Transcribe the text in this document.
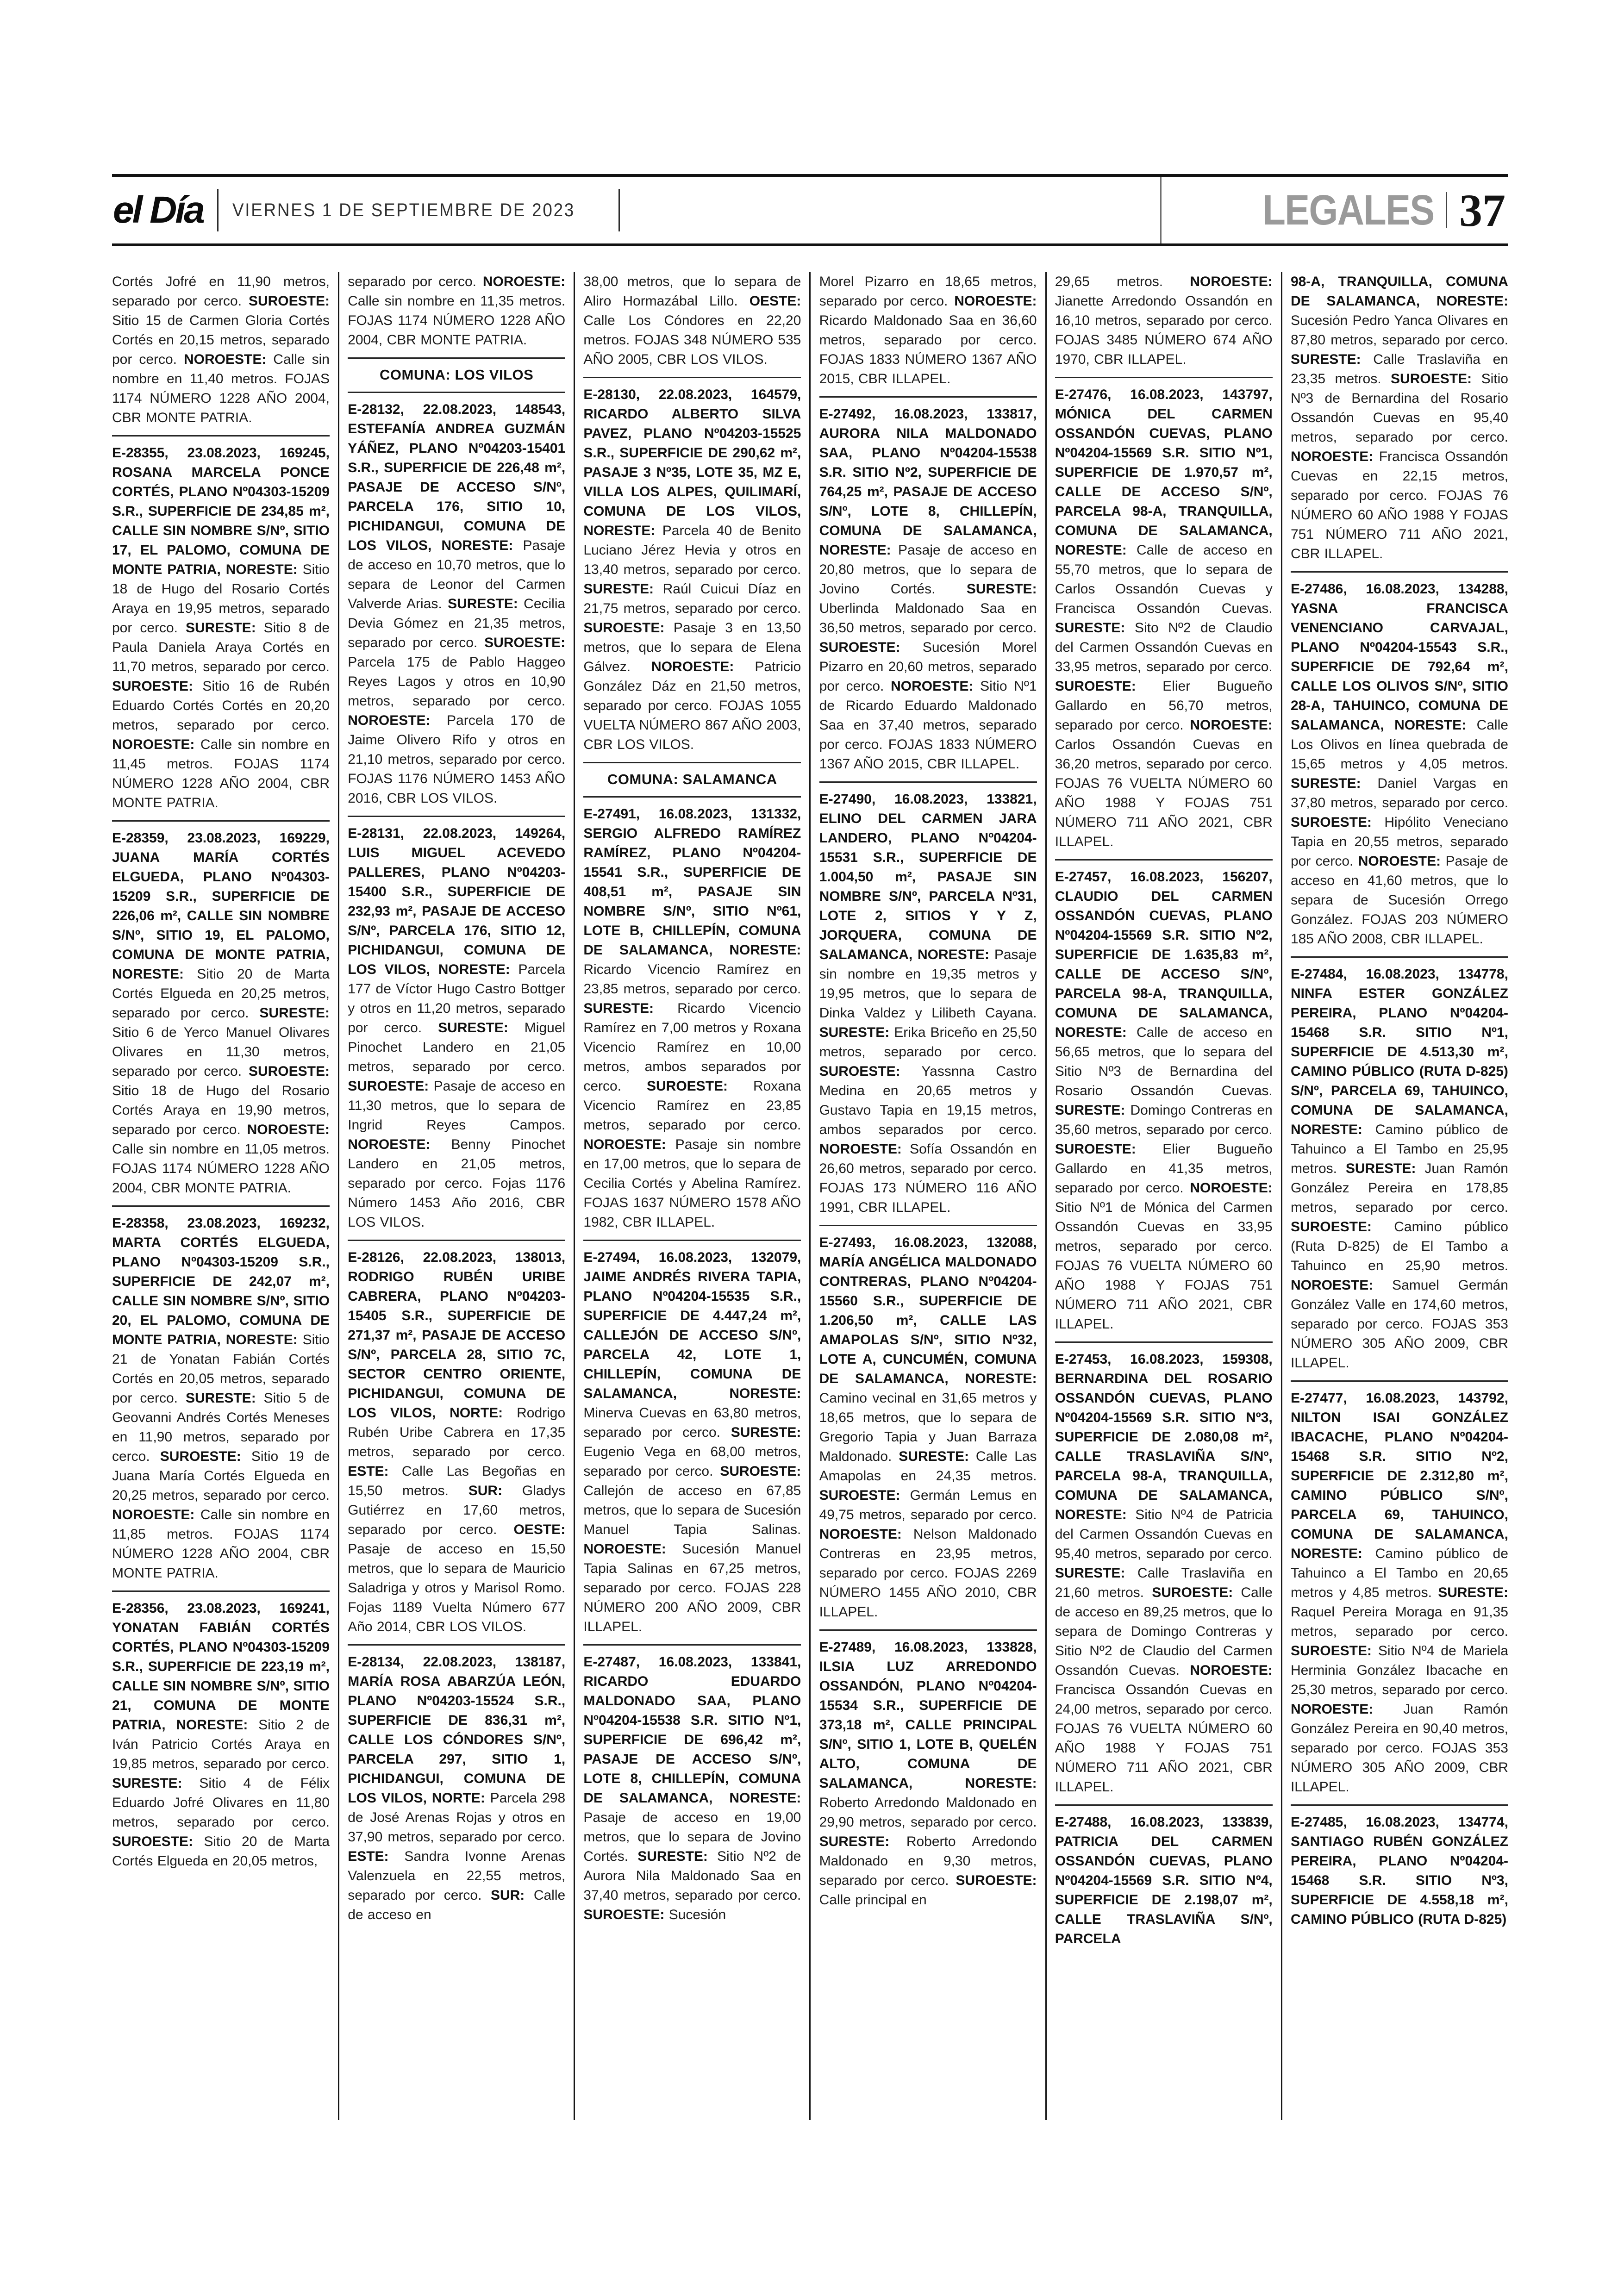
el Día VIERNES 1 DE SEPTIEMBRE DE 2023	LEGALES 37

Cortés Jofré en 11,90 metros, separado por cerco. SUROESTE: Sitio 15 de Carmen Gloria Cortés Cortés en 20,15 metros, separado por cerco. NOROESTE: Calle sin nombre en 11,40 metros. FOJAS 1174 NÚMERO 1228 AÑO 2004, CBR MONTE PATRIA.

E-28355, 23.08.2023, 169245, ROSANA MARCELA PONCE CORTÉS, PLANO Nº04303-15209 S.R., SUPERFICIE DE 234,85 m², CALLE SIN NOMBRE S/Nº, SITIO 17, EL PALOMO, COMUNA DE MONTE PATRIA, NORESTE: Sitio 18 de Hugo del Rosario Cortés Araya en 19,95 metros, separado por cerco. SURESTE: Sitio 8 de Paula Daniela Araya Cortés en 11,70 metros, separado por cerco. SUROESTE: Sitio 16 de Rubén Eduardo Cortés Cortés en 20,20 metros, separado por cerco. NOROESTE: Calle sin nombre en 11,45 metros. FOJAS 1174 NÚMERO 1228 AÑO 2004, CBR MONTE PATRIA.

E-28359, 23.08.2023, 169229, JUANA MARÍA CORTÉS ELGUEDA, PLANO Nº04303-15209 S.R., SUPERFICIE DE 226,06 m², CALLE SIN NOMBRE S/Nº, SITIO 19, EL PALOMO, COMUNA DE MONTE PATRIA, NORESTE: Sitio 20 de Marta Cortés Elgueda en 20,25 metros, separado por cerco. SURESTE: Sitio 6 de Yerco Manuel Olivares Olivares en 11,30 metros, separado por cerco. SUROESTE: Sitio 18 de Hugo del Rosario Cortés Araya en 19,90 metros, separado por cerco. NOROESTE: Calle sin nombre en 11,05 metros. FOJAS 1174 NÚMERO 1228 AÑO 2004, CBR MONTE PATRIA.

E-28358, 23.08.2023, 169232, MARTA CORTÉS ELGUEDA, PLANO Nº04303-15209 S.R., SUPERFICIE DE 242,07 m², CALLE SIN NOMBRE S/Nº, SITIO 20, EL PALOMO, COMUNA DE MONTE PATRIA, NORESTE: Sitio 21 de Yonatan Fabián Cortés Cortés en 20,05 metros, separado por cerco. SURESTE: Sitio 5 de Geovanni Andrés Cortés Meneses en 11,90 metros, separado por cerco. SUROESTE: Sitio 19 de Juana María Cortés Elgueda en 20,25 metros, separado por cerco. NOROESTE: Calle sin nombre en 11,85 metros. FOJAS 1174 NÚMERO 1228 AÑO 2004, CBR MONTE PATRIA.

E-28356, 23.08.2023, 169241, YONATAN FABIÁN CORTÉS CORTÉS, PLANO Nº04303-15209 S.R., SUPERFICIE DE 223,19 m², CALLE SIN NOMBRE S/Nº, SITIO 21, COMUNA DE MONTE PATRIA, NORESTE: Sitio 2 de Iván Patricio Cortés Araya en 19,85 metros, separado por cerco. SURESTE: Sitio 4 de Félix Eduardo Jofré Olivares en 11,80 metros, separado por cerco. SUROESTE: Sitio 20 de Marta Cortés Elgueda en 20,05 metros,

separado por cerco. NOROESTE: Calle sin nombre en 11,35 metros. FOJAS 1174 NÚMERO 1228 AÑO 2004, CBR MONTE PATRIA.

COMUNA: LOS VILOS

E-28132, 22.08.2023, 148543, ESTEFANÍA ANDREA GUZMÁN YÁÑEZ, PLANO Nº04203-15401 S.R., SUPERFICIE DE 226,48 m², PASAJE DE ACCESO S/Nº, PARCELA 176, SITIO 10, PICHIDANGUI, COMUNA DE LOS VILOS, NORESTE: Pasaje de acceso en 10,70 metros, que lo separa de Leonor del Carmen Valverde Arias. SURESTE: Cecilia Devia Gómez en 21,35 metros, separado por cerco. SUROESTE: Parcela 175 de Pablo Haggeo Reyes Lagos y otros en 10,90 metros, separado por cerco. NOROESTE: Parcela 170 de Jaime Olivero Rifo y otros en 21,10 metros, separado por cerco. FOJAS 1176 NÚMERO 1453 AÑO 2016, CBR LOS VILOS.

E-28131, 22.08.2023, 149264, LUIS MIGUEL ACEVEDO PALLERES, PLANO Nº04203-15400 S.R., SUPERFICIE DE 232,93 m², PASAJE DE ACCESO S/Nº, PARCELA 176, SITIO 12, PICHIDANGUI, COMUNA DE LOS VILOS, NORESTE: Parcela 177 de Víctor Hugo Castro Bottger y otros en 11,20 metros, separado por cerco. SURESTE: Miguel Pinochet Landero en 21,05 metros, separado por cerco. SUROESTE: Pasaje de acceso en 11,30 metros, que lo separa de Ingrid Reyes Campos. NOROESTE: Benny Pinochet Landero en 21,05 metros, separado por cerco. Fojas 1176 Número 1453 Año 2016, CBR LOS VILOS.

E-28126, 22.08.2023, 138013, RODRIGO RUBÉN URIBE CABRERA, PLANO Nº04203-15405 S.R., SUPERFICIE DE 271,37 m², PASAJE DE ACCESO S/Nº, PARCELA 28, SITIO 7C, SECTOR CENTRO ORIENTE, PICHIDANGUI, COMUNA DE LOS VILOS, NORTE: Rodrigo Rubén Uribe Cabrera en 17,35 metros, separado por cerco. ESTE: Calle Las Begoñas en 15,50 metros. SUR: Gladys Gutiérrez en 17,60 metros, separado por cerco. OESTE: Pasaje de acceso en 15,50 metros, que lo separa de Mauricio Saladriga y otros y Marisol Romo. Fojas 1189 Vuelta Número 677 Año 2014, CBR LOS VILOS.

E-28134, 22.08.2023, 138187, MARÍA ROSA ABARZÚA LEÓN, PLANO Nº04203-15524 S.R., SUPERFICIE DE 836,31 m², CALLE LOS CÓNDORES S/Nº, PARCELA 297, SITIO 1, PICHIDANGUI, COMUNA DE LOS VILOS, NORTE: Parcela 298 de José Arenas Rojas y otros en 37,90 metros, separado por cerco. ESTE: Sandra Ivonne Arenas Valenzuela en 22,55 metros, separado por cerco. SUR: Calle de acceso en

38,00 metros, que lo separa de Aliro Hormazábal Lillo. OESTE: Calle Los Cóndores en 22,20 metros. FOJAS 348 NÚMERO 535 AÑO 2005, CBR LOS VILOS.

E-28130, 22.08.2023, 164579, RICARDO ALBERTO SILVA PAVEZ, PLANO Nº04203-15525 S.R., SUPERFICIE DE 290,62 m², PASAJE 3 Nº35, LOTE 35, MZ E, VILLA LOS ALPES, QUILIMARÍ, COMUNA DE LOS VILOS, NORESTE: Parcela 40 de Benito Luciano Jérez Hevia y otros en 13,40 metros, separado por cerco. SURESTE: Raúl Cuicui Díaz en 21,75 metros, separado por cerco. SUROESTE: Pasaje 3 en 13,50 metros, que lo separa de Elena Gálvez. NOROESTE: Patricio González Dáz en 21,50 metros, separado por cerco. FOJAS 1055 VUELTA NÚMERO 867 AÑO 2003, CBR LOS VILOS.

COMUNA: SALAMANCA

E-27491, 16.08.2023, 131332, SERGIO ALFREDO RAMÍREZ RAMÍREZ, PLANO Nº04204-15541 S.R., SUPERFICIE DE 408,51 m², PASAJE SIN NOMBRE S/Nº, SITIO Nº61, LOTE B, CHILLEPÍN, COMUNA DE SALAMANCA, NORESTE: Ricardo Vicencio Ramírez en 23,85 metros, separado por cerco. SURESTE: Ricardo Vicencio Ramírez en 7,00 metros y Roxana Vicencio Ramírez en 10,00 metros, ambos separados por cerco. SUROESTE: Roxana Vicencio Ramírez en 23,85 metros, separado por cerco. NOROESTE: Pasaje sin nombre en 17,00 metros, que lo separa de Cecilia Cortés y Abelina Ramírez. FOJAS 1637 NÚMERO 1578 AÑO 1982, CBR ILLAPEL.

E-27494, 16.08.2023, 132079, JAIME ANDRÉS RIVERA TAPIA, PLANO Nº04204-15535 S.R., SUPERFICIE DE 4.447,24 m², CALLEJÓN DE ACCESO S/Nº, PARCELA 42, LOTE 1, CHILLEPÍN, COMUNA DE SALAMANCA,	NORESTE: Minerva Cuevas en 63,80 metros, separado por cerco. SURESTE: Eugenio Vega en 68,00 metros, separado por cerco. SUROESTE: Callejón de acceso en 67,85 metros, que lo separa de Sucesión Manuel Tapia Salinas. NOROESTE: Sucesión Manuel Tapia Salinas en 67,25 metros, separado por cerco. FOJAS 228 NÚMERO 200 AÑO 2009, CBR ILLAPEL.

E-27487, 16.08.2023, 133841, RICARDO EDUARDO MALDONADO SAA, PLANO Nº04204-15538 S.R. SITIO Nº1, SUPERFICIE DE 696,42 m², PASAJE DE ACCESO S/Nº, LOTE 8, CHILLEPÍN, COMUNA DE SALAMANCA, NORESTE: Pasaje de acceso en 19,00 metros, que lo separa de Jovino Cortés. SURESTE: Sitio Nº2 de Aurora Nila Maldonado Saa en 37,40 metros, separado por cerco. SUROESTE: Sucesión

Morel Pizarro en 18,65 metros, separado por cerco. NOROESTE: Ricardo Maldonado Saa en 36,60 metros, separado por cerco. FOJAS 1833 NÚMERO 1367 AÑO 2015, CBR ILLAPEL.

E-27492, 16.08.2023, 133817, AURORA NILA MALDONADO SAA, PLANO Nº04204-15538 S.R. SITIO Nº2, SUPERFICIE DE 764,25 m², PASAJE DE ACCESO S/Nº, LOTE 8, CHILLEPÍN, COMUNA DE SALAMANCA, NORESTE: Pasaje de acceso en 20,80 metros, que lo separa de Jovino Cortés. SURESTE: Uberlinda Maldonado Saa en 36,50 metros, separado por cerco. SUROESTE: Sucesión Morel Pizarro en 20,60 metros, separado por cerco. NOROESTE: Sitio Nº1 de Ricardo Eduardo Maldonado Saa en 37,40 metros, separado por cerco. FOJAS 1833 NÚMERO 1367 AÑO 2015, CBR ILLAPEL.

E-27490, 16.08.2023, 133821, ELINO DEL CARMEN JARA LANDERO, PLANO Nº04204-15531 S.R., SUPERFICIE DE 1.004,50 m², PASAJE SIN NOMBRE S/Nº, PARCELA Nº31, LOTE 2, SITIOS Y Y Z, JORQUERA, COMUNA DE SALAMANCA, NORESTE: Pasaje sin nombre en 19,35 metros y 19,95 metros, que lo separa de Dinka Valdez y Lilibeth Cayana. SURESTE: Erika Briceño en 25,50 metros, separado por cerco. SUROESTE: Yassnna Castro Medina en 20,65 metros y Gustavo Tapia en 19,15 metros, ambos separados por cerco. NOROESTE: Sofía Ossandón en 26,60 metros, separado por cerco. FOJAS 173 NÚMERO 116 AÑO 1991, CBR ILLAPEL.

E-27493, 16.08.2023, 132088, MARÍA ANGÉLICA MALDONADO CONTRERAS, PLANO Nº04204-15560 S.R., SUPERFICIE DE 1.206,50 m², CALLE LAS AMAPOLAS S/Nº, SITIO Nº32, LOTE A, CUNCUMÉN, COMUNA DE SALAMANCA, NORESTE: Camino vecinal en 31,65 metros y 18,65 metros, que lo separa de Gregorio Tapia y Juan Barraza Maldonado. SURESTE: Calle Las Amapolas en 24,35 metros. SUROESTE: Germán Lemus en 49,75 metros, separado por cerco. NOROESTE: Nelson Maldonado Contreras en 23,95 metros, separado por cerco. FOJAS 2269 NÚMERO 1455 AÑO 2010, CBR ILLAPEL.

E-27489, 16.08.2023, 133828, ILSIA LUZ ARREDONDO OSSANDÓN, PLANO Nº04204-15534 S.R., SUPERFICIE DE 373,18 m², CALLE PRINCIPAL S/Nº, SITIO 1, LOTE B, QUELÉN ALTO, COMUNA DE SALAMANCA,	NORESTE: Roberto Arredondo Maldonado en 29,90 metros, separado por cerco. SURESTE: Roberto Arredondo Maldonado en 9,30 metros, separado por cerco. SUROESTE: Calle principal en

29,65 metros. NOROESTE: Jianette Arredondo Ossandón en 16,10 metros, separado por cerco. FOJAS 3485 NÚMERO 674 AÑO 1970, CBR ILLAPEL.

E-27476, 16.08.2023, 143797, MÓNICA DEL CARMEN OSSANDÓN CUEVAS, PLANO Nº04204-15569 S.R. SITIO Nº1, SUPERFICIE DE 1.970,57 m², CALLE DE ACCESO S/Nº, PARCELA 98-A, TRANQUILLA, COMUNA DE SALAMANCA, NORESTE: Calle de acceso en 55,70 metros, que lo separa de Carlos Ossandón Cuevas y Francisca Ossandón Cuevas. SURESTE: Sito Nº2 de Claudio del Carmen Ossandón Cuevas en 33,95 metros, separado por cerco. SUROESTE: Elier Bugueño Gallardo en 56,70 metros, separado por cerco. NOROESTE: Carlos Ossandón Cuevas en 36,20 metros, separado por cerco. FOJAS 76 VUELTA NÚMERO 60 AÑO 1988 Y FOJAS 751 NÚMERO 711 AÑO 2021, CBR ILLAPEL.

E-27457, 16.08.2023, 156207, CLAUDIO DEL CARMEN OSSANDÓN CUEVAS, PLANO Nº04204-15569 S.R. SITIO Nº2, SUPERFICIE DE 1.635,83 m², CALLE DE ACCESO S/Nº, PARCELA 98-A, TRANQUILLA, COMUNA DE SALAMANCA, NORESTE: Calle de acceso en 56,65 metros, que lo separa del Sitio Nº3 de Bernardina del Rosario Ossandón Cuevas. SURESTE: Domingo Contreras en 35,60 metros, separado por cerco. SUROESTE: Elier Bugueño Gallardo en 41,35 metros, separado por cerco. NOROESTE: Sitio Nº1 de Mónica del Carmen Ossandón Cuevas en 33,95 metros, separado por cerco. FOJAS 76 VUELTA NÚMERO 60 AÑO 1988 Y FOJAS 751 NÚMERO 711 AÑO 2021, CBR ILLAPEL.

E-27453, 16.08.2023, 159308, BERNARDINA DEL ROSARIO OSSANDÓN CUEVAS, PLANO Nº04204-15569 S.R. SITIO Nº3, SUPERFICIE DE 2.080,08 m², CALLE TRASLAVIÑA S/Nº, PARCELA 98-A, TRANQUILLA, COMUNA DE SALAMANCA, NORESTE: Sitio Nº4 de Patricia del Carmen Ossandón Cuevas en 95,40 metros, separado por cerco. SURESTE: Calle Traslaviña en 21,60 metros. SUROESTE: Calle de acceso en 89,25 metros, que lo separa de Domingo Contreras y Sitio Nº2 de Claudio del Carmen Ossandón Cuevas. NOROESTE: Francisca Ossandón Cuevas en 24,00 metros, separado por cerco. FOJAS 76 VUELTA NÚMERO 60 AÑO 1988 Y FOJAS 751 NÚMERO 711 AÑO 2021, CBR ILLAPEL.

E-27488, 16.08.2023, 133839, PATRICIA DEL CARMEN OSSANDÓN CUEVAS, PLANO Nº04204-15569 S.R. SITIO Nº4, SUPERFICIE DE 2.198,07 m², CALLE TRASLAVIÑA S/Nº, PARCELA

98-A, TRANQUILLA, COMUNA DE SALAMANCA, NORESTE: Sucesión Pedro Yanca Olivares en 87,80 metros, separado por cerco. SURESTE: Calle Traslaviña en 23,35 metros. SUROESTE: Sitio Nº3 de Bernardina del Rosario Ossandón Cuevas en 95,40 metros, separado por cerco. NOROESTE: Francisca Ossandón Cuevas en 22,15 metros, separado por cerco. FOJAS 76 NÚMERO 60 AÑO 1988 Y FOJAS 751 NÚMERO 711 AÑO 2021, CBR ILLAPEL.

E-27486, 16.08.2023, 134288, YASNA FRANCISCA VENENCIANO CARVAJAL, PLANO Nº04204-15543 S.R., SUPERFICIE DE 792,64 m², CALLE LOS OLIVOS S/Nº, SITIO 28-A, TAHUINCO, COMUNA DE SALAMANCA, NORESTE: Calle Los Olivos en línea quebrada de 15,65 metros y 4,05 metros. SURESTE: Daniel Vargas en 37,80 metros, separado por cerco. SUROESTE: Hipólito Veneciano Tapia en 20,55 metros, separado por cerco. NOROESTE: Pasaje de acceso en 41,60 metros, que lo separa de Sucesión Orrego González. FOJAS 203 NÚMERO 185 AÑO 2008, CBR ILLAPEL.

E-27484, 16.08.2023, 134778, NINFA ESTER GONZÁLEZ PEREIRA, PLANO Nº04204-15468 S.R. SITIO Nº1, SUPERFICIE DE 4.513,30 m², CAMINO PÚBLICO (RUTA D-825) S/Nº, PARCELA 69, TAHUINCO, COMUNA DE SALAMANCA, NORESTE: Camino público de Tahuinco a El Tambo en 25,95 metros. SURESTE: Juan Ramón González Pereira en 178,85 metros, separado por cerco. SUROESTE: Camino público (Ruta D-825) de El Tambo a Tahuinco en 25,90 metros. NOROESTE: Samuel Germán González Valle en 174,60 metros, separado por cerco. FOJAS 353 NÚMERO 305 AÑO 2009, CBR ILLAPEL.

E-27477, 16.08.2023, 143792, NILTON ISAI GONZÁLEZ IBACACHE, PLANO Nº04204-15468 S.R. SITIO Nº2, SUPERFICIE DE 2.312,80 m², CAMINO PÚBLICO S/Nº, PARCELA 69, TAHUINCO, COMUNA DE SALAMANCA, NORESTE: Camino público de Tahuinco a El Tambo en 20,65 metros y 4,85 metros. SURESTE: Raquel Pereira Moraga en 91,35 metros, separado por cerco. SUROESTE: Sitio Nº4 de Mariela Herminia González Ibacache en 25,30 metros, separado por cerco. NOROESTE: Juan Ramón González Pereira en 90,40 metros, separado por cerco. FOJAS 353 NÚMERO 305 AÑO 2009, CBR ILLAPEL.

E-27485, 16.08.2023, 134774, SANTIAGO RUBÉN GONZÁLEZ PEREIRA, PLANO Nº04204-15468 S.R. SITIO Nº3, SUPERFICIE DE 4.558,18 m², CAMINO PÚBLICO (RUTA D-825)
